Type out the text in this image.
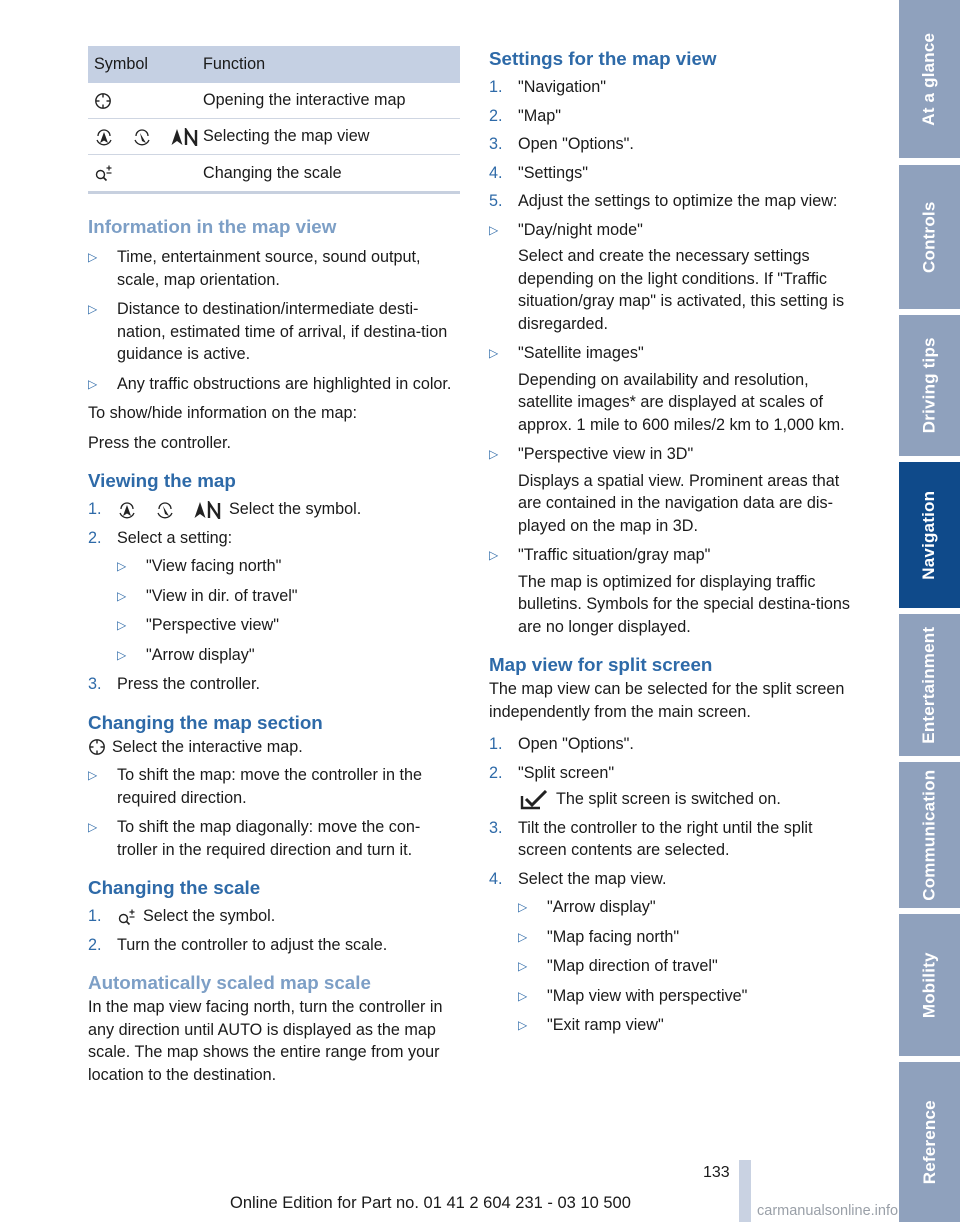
Symbol	Function
Opening the interactive map
Selecting the map view
Changing the scale
Information in the map view
▷ Time, entertainment source, sound output, scale, map orientation.
▷ Distance to destination/intermediate desti-nation, estimated time of arrival, if destina-tion guidance is active.
▷ Any traffic obstructions are highlighted in color.

To show/hide information on the map:

Press the controller.

Viewing the map
1.	Select the symbol.
2. Select a setting:
▷ "View facing north"
▷ "View in dir. of travel"
▷ "Perspective view"
▷ "Arrow display"
3. Press the controller.
Changing the map section

Select the interactive map.

▷ To shift the map: move the controller in the required direction.
▷ To shift the map diagonally: move the con-troller in the required direction and turn it.
Changing the scale
1.	Select the symbol.
2. Turn the controller to adjust the scale.
Automatically scaled map scale

In the map view facing north, turn the controller in any direction until AUTO is displayed as the map scale. The map shows the entire range from your location to the destination.

Settings for the map view
1. "Navigation"
2. "Map"
3. Open "Options".
4. "Settings"
5. Adjust the settings to optimize the map view:
▷ "Day/night mode"
Select and create the necessary settings depending on the light conditions. If "Traffic situation/gray map" is activated, this setting is disregarded.
▷ "Satellite images"
Depending on availability and resolution, satellite images* are displayed at scales of approx. 1 mile to 600 miles/2 km to 1,000 km.
▷ "Perspective view in 3D"
Displays a spatial view. Prominent areas that are contained in the navigation data are dis-played on the map in 3D.
▷ "Traffic situation/gray map"
The map is optimized for displaying traffic bulletins. Symbols for the special destina-tions are no longer displayed.
Map view for split screen

The map view can be selected for the split screen independently from the main screen.

1. Open "Options".
2. "Split screen"
The split screen is switched on.
3. Tilt the controller to the right until the split screen contents are selected.
4. Select the map view.
▷ "Arrow display"
▷ "Map facing north"
▷ "Map direction of travel"
▷ "Map view with perspective"
▷ "Exit ramp view"
At a glance
Controls
Driving tips
Navigation
Entertainment
Communication
Mobility
Reference
133
Online Edition for Part no. 01 41 2 604 231 - 03 10 500	carmanualsonline.info
